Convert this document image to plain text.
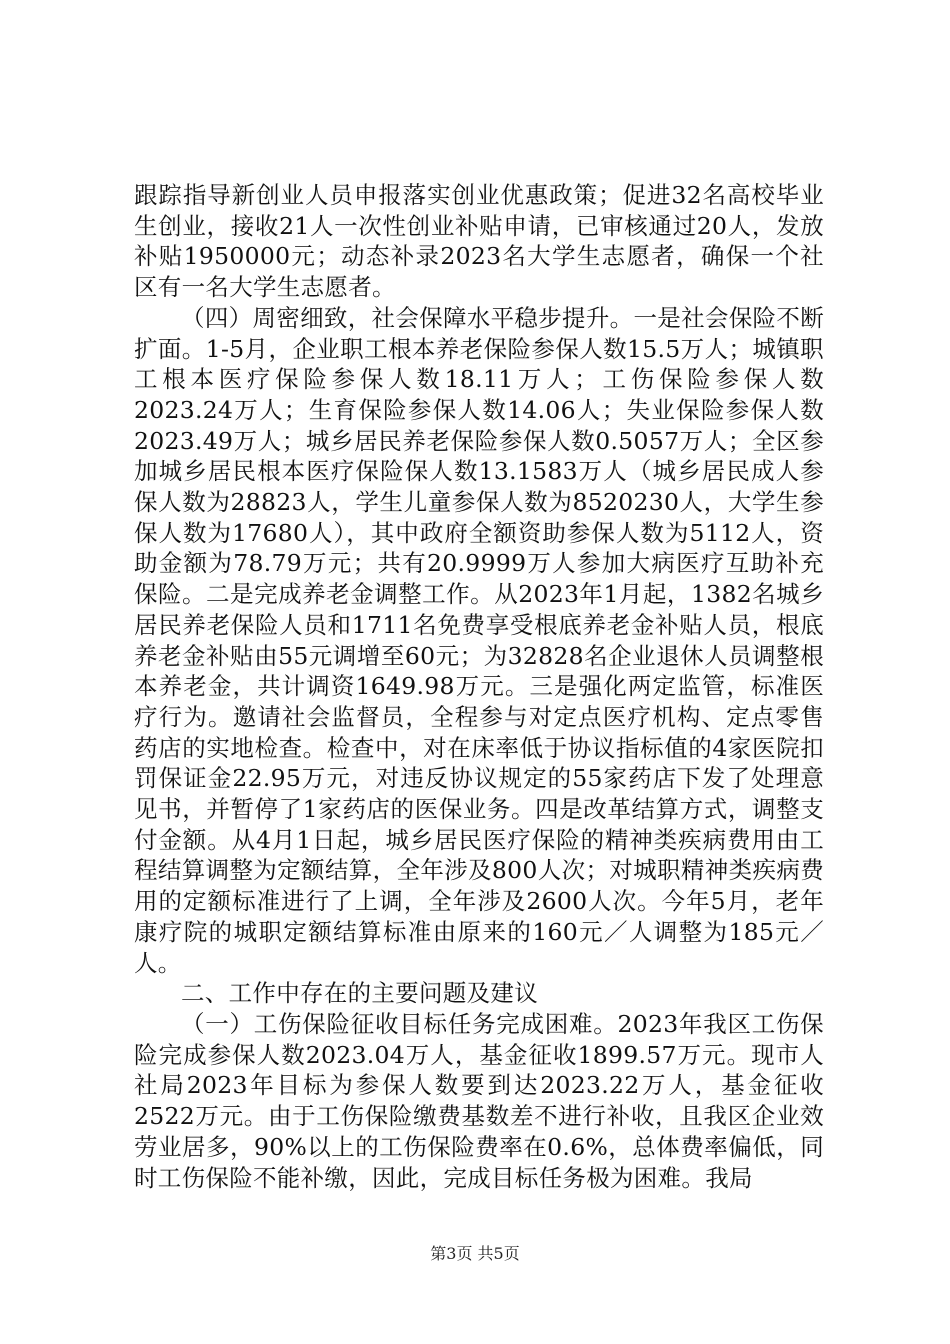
跟踪指导新创业人员申报落实创业优惠政策；促进32名高校毕业生创业，接收21人一次性创业补贴申请，已审核通过20人，发放补贴1950000元；动态补录2023名大学生志愿者，确保一个社区有一名大学生志愿者。

（四）周密细致，社会保障水平稳步提升。一是社会保险不断扩面。1-5月，企业职工根本养老保险参保人数15.5万人；城镇职工根本医疗保险参保人数18.11万人；工伤保险参保人数2023.24万人；生育保险参保人数14.06人；失业保险参保人数2023.49万人；城乡居民养老保险参保人数0.5057万人；全区参加城乡居民根本医疗保险保人数13.1583万人（城乡居民成人参保人数为28823人，学生儿童参保人数为8520230人，大学生参保人数为17680人），其中政府全额资助参保人数为5112人，资助金额为78.79万元；共有20.9999万人参加大病医疗互助补充保险。二是完成养老金调整工作。从2023年1月起，1382名城乡居民养老保险人员和1711名免费享受根底养老金补贴人员，根底养老金补贴由55元调增至60元；为32828名企业退休人员调整根本养老金，共计调资1649.98万元。三是强化两定监管，标准医疗行为。邀请社会监督员，全程参与对定点医疗机构、定点零售药店的实地检查。检查中，对在床率低于协议指标值的4家医院扣罚保证金22.95万元，对违反协议规定的55家药店下发了处理意见书，并暂停了1家药店的医保业务。四是改革结算方式，调整支付金额。从4月1日起，城乡居民医疗保险的精神类疾病费用由工程结算调整为定额结算，全年涉及800人次；对城职精神类疾病费用的定额标准进行了上调，全年涉及2600人次。今年5月，老年康疗院的城职定额结算标准由原来的160元／人调整为185元／人。

二、工作中存在的主要问题及建议

（一）工伤保险征收目标任务完成困难。2023年我区工伤保险完成参保人数2023.04万人，基金征收1899.57万元。现市人社局2023年目标为参保人数要到达2023.22万人，基金征收2522万元。由于工伤保险缴费基数差不进行补收，且我区企业效劳业居多，90%以上的工伤保险费率在0.6%，总体费率偏低，同时工伤保险不能补缴，因此，完成目标任务极为困难。我局

第3页 共5页
